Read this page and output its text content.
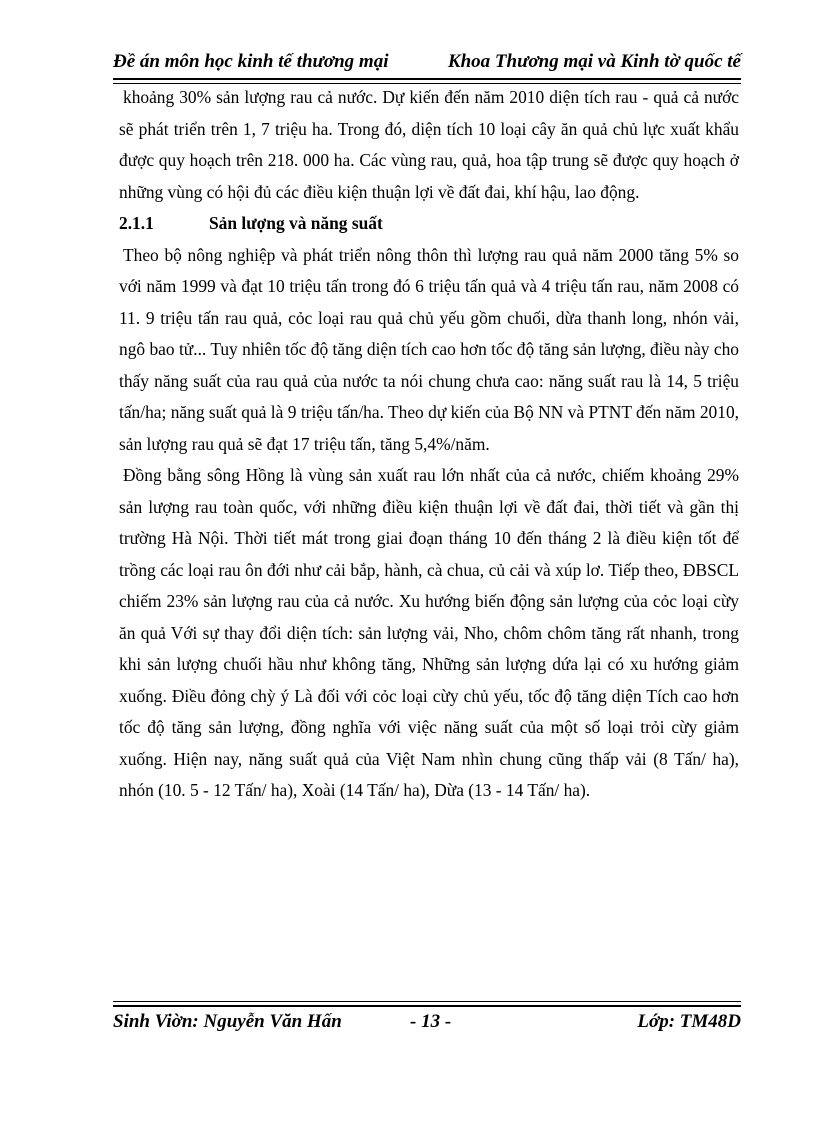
Đề án môn học kinh tế thương mại	Khoa Thương mại và Kinh tờ quốc tế

khoảng 30% sản lượng rau cả nước. Dự kiến đến năm 2010 diện tích rau - quả cả nước sẽ phát triển trên 1, 7 triệu ha. Trong đó, diện tích 10 loại cây ăn quả chủ lực xuất khẩu được quy hoạch trên 218. 000 ha. Các vùng rau, quả, hoa tập trung sẽ được quy hoạch ở những vùng có hội đủ các điều kiện thuận lợi về đất đai, khí hậu, lao động.

2.1.1	Sản lượng và năng suất

Theo bộ nông nghiệp và phát triển nông thôn thì lượng rau quả năm 2000 tăng 5% so với năm 1999 và đạt 10 triệu tấn trong đó 6 triệu tấn quả và 4 triệu tấn rau, năm 2008 có 11. 9 triệu tấn rau quả, cỏc loại rau quả chủ yếu gồm chuối, dừa thanh long, nhón vải, ngô bao tử... Tuy nhiên tốc độ tăng diện tích cao hơn tốc độ tăng sản lượng, điều này cho thấy năng suất của rau quả của nước ta nói chung chưa cao: năng suất rau là 14, 5 triệu tấn/ha; năng suất quả là 9 triệu tấn/ha. Theo dự kiến của Bộ NN và PTNT đến năm 2010, sản lượng rau quả sẽ đạt 17 triệu tấn, tăng 5,4%/năm.

Đồng bằng sông Hồng là vùng sản xuất rau lớn nhất của cả nước, chiếm khoảng 29% sản lượng rau toàn quốc, với những điều kiện thuận lợi về đất đai, thời tiết và gần thị trường Hà Nội. Thời tiết mát trong giai đoạn tháng 10 đến tháng 2 là điều kiện tốt để trồng các loại rau ôn đới như cải bắp, hành, cà chua, củ cải và xúp lơ. Tiếp theo, ĐBSCL chiếm 23% sản lượng rau của cả nước. Xu hướng biến động sản lượng của cỏc loại cừy ăn quả Với sự thay đổi diện tích: sản lượng vải, Nho, chôm chôm tăng rất nhanh, trong khi sản lượng chuối hầu như không tăng, Những sản lượng dứa lại có xu hướng giảm xuống. Điều đỏng chỳ ý Là đối với cỏc loại cừy chủ yếu, tốc độ tăng diện Tích cao hơn tốc độ tăng sản lượng, đồng nghĩa với việc năng suất của một số loại trỏi cừy giảm xuống. Hiện nay, năng suất quả của Việt Nam nhìn chung cũng thấp vải (8 Tấn/ ha), nhón (10. 5 - 12 Tấn/ ha), Xoài (14 Tấn/ ha), Dừa (13 - 14 Tấn/ ha).

Sinh Viờn: Nguyễn Văn Hấn	- 13 -	Lớp: TM48D
